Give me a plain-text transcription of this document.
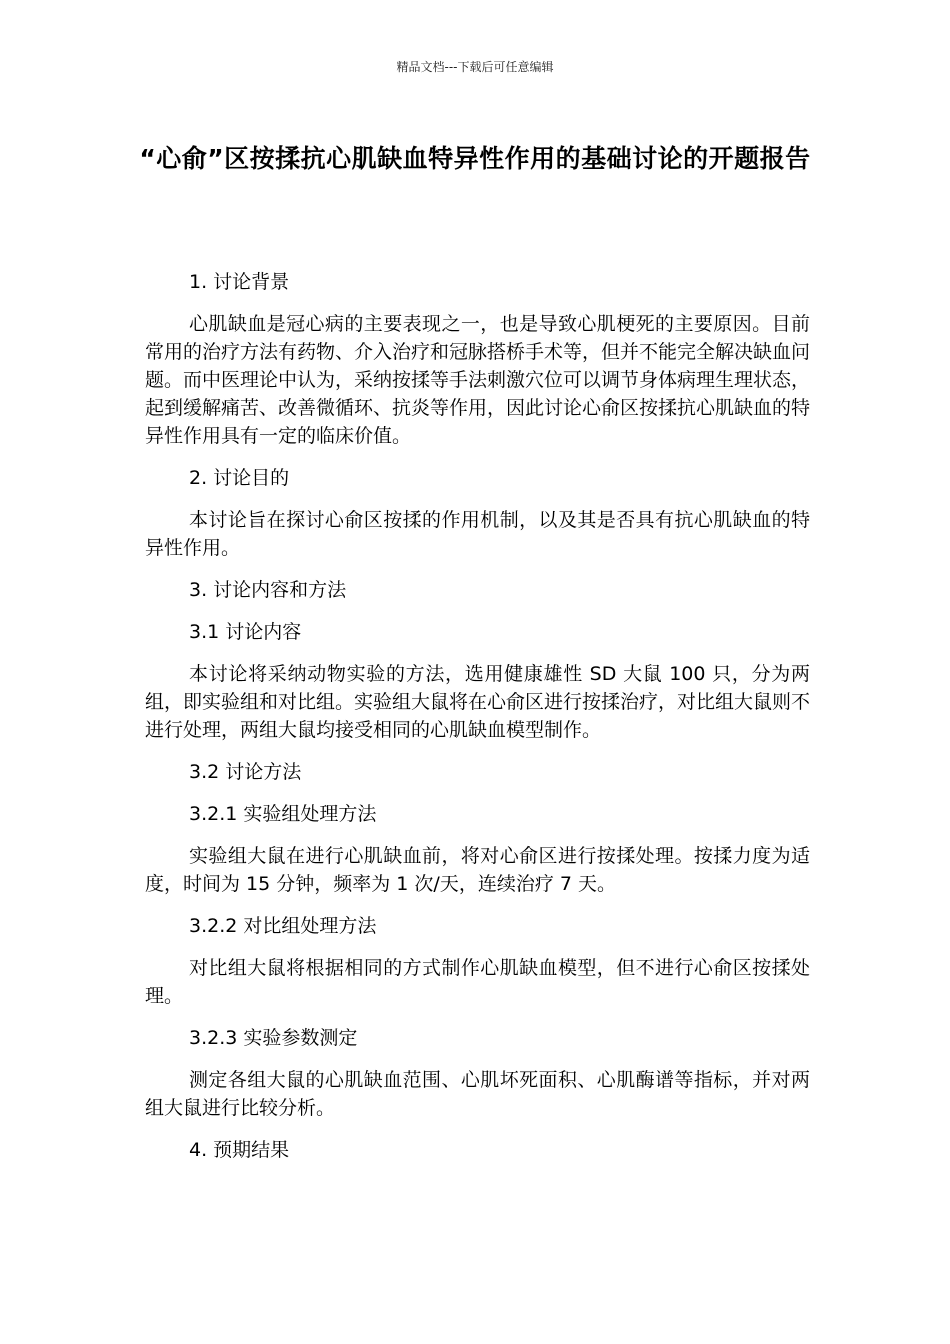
精品文档---下载后可任意编辑
“心俞”区按揉抗心肌缺血特异性作用的基础讨论的开题报告
1. 讨论背景
心肌缺血是冠心病的主要表现之一，也是导致心肌梗死的主要原因。目前常用的治疗方法有药物、介入治疗和冠脉搭桥手术等，但并不能完全解决缺血问题。而中医理论中认为，采纳按揉等手法刺激穴位可以调节身体病理生理状态，起到缓解痛苦、改善微循环、抗炎等作用，因此讨论心俞区按揉抗心肌缺血的特异性作用具有一定的临床价值。
2. 讨论目的
本讨论旨在探讨心俞区按揉的作用机制，以及其是否具有抗心肌缺血的特异性作用。
3. 讨论内容和方法
3.1 讨论内容
本讨论将采纳动物实验的方法，选用健康雄性 SD 大鼠 100 只，分为两组，即实验组和对比组。实验组大鼠将在心俞区进行按揉治疗，对比组大鼠则不进行处理，两组大鼠均接受相同的心肌缺血模型制作。
3.2 讨论方法
3.2.1 实验组处理方法
实验组大鼠在进行心肌缺血前，将对心俞区进行按揉处理。按揉力度为适度，时间为 15 分钟，频率为 1 次/天，连续治疗 7 天。
3.2.2 对比组处理方法
对比组大鼠将根据相同的方式制作心肌缺血模型，但不进行心俞区按揉处理。
3.2.3 实验参数测定
测定各组大鼠的心肌缺血范围、心肌坏死面积、心肌酶谱等指标，并对两组大鼠进行比较分析。
4. 预期结果
